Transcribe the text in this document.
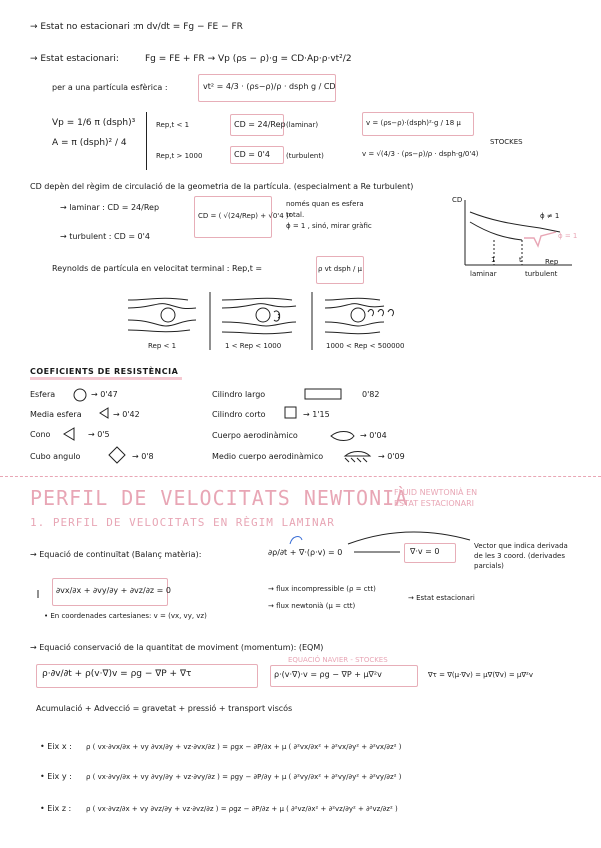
→ Estat no estacionari : m dv/dt = Fg − FE − FR
→ Estat estacionari:	Fg = FE + FR → Vp (ρs − ρ)·g = CD·Ap·ρ·vt²/2
per a una partícula esfèrica :	vt² = 4/3 · (ρs−ρ)/ρ · dsph g / CD
Vp = 1/6 π (dsph)³
A = π (dsph)² / 4
Rep,t < 1	CD = 24/Rep (laminar)	v = (ρs−ρ)·(dsph)²·g / 18 μ
STOCKES
Rep,t > 1000	CD = 0'4 (turbulent)	v = √(4/3 · (ρs−ρ)/ρ · dsph·g/0'4)
CD depèn del règim de circulació de la geometria de la partícula. (especialment a Re turbulent)
→ laminar : CD = 24/Rep
→ turbulent : CD = 0'4
CD = ( √(24/Rep) + √0'4 )²
només quan es esfera
total.
ϕ = 1 , sinó, mirar gràfic
CD
ϕ ≠ 1
ϕ = 1
Rep
1	t
laminar	turbulent
Reynolds de partícula en velocitat terminal : Rep,t =	ρ vt dsph / μ
Rep < 1	1 < Rep < 1000	1000 < Rep < 500000
COEFICIENTS DE RESISTÈNCIA
Esfera	→ 0'47
Media esfera	→ 0'42
Cono	→ 0'5
Cubo angulo	→ 0'8
Cilindro largo	0'82
Cilindro corto	→ 1'15
Cuerpo aerodinàmico	→ 0'04
Medio cuerpo aerodinàmico	→ 0'09
PERFIL DE VELOCITATS NEWTONIÀ
FLUID NEWTONIÀ EN
ESTAT ESTACIONARI
1. PERFIL DE VELOCITATS EN RÈGIM LAMINAR
→ Equació de continuïtat (Balanç matèria):	∂ρ/∂t + ∇·(ρ·v) = 0	∇·v = 0
Vector que indica derivada
de les 3 coord. (derivades
parcials)
∂vx/∂x + ∂vy/∂y + ∂vz/∂z = 0
• En coordenades cartesianes: v = (vx, vy, vz)
→ flux incompressible (ρ = ctt)
→ flux newtonià (μ = ctt)
→ Estat estacionari
→ Equació conservació de la quantitat de moviment (momentum): (EQM)
EQUACIÓ NAVIER - STOCKES
ρ·∂v/∂t + ρ(v·∇)v = ρg − ∇P + ∇τ	ρ·(v·∇)·v = ρg − ∇P + μ∇²v	∇τ = ∇(μ·∇v) = μ∇(∇v) = μ∇²v
Acumulació + Advecció = gravetat + pressió + transport viscós
• Eix x : ρ ( vx·∂vx/∂x + vy ∂vx/∂y + vz·∂vx/∂z ) = ρgx − ∂P/∂x + μ ( ∂²vx/∂x² + ∂²vx/∂y² + ∂²vx/∂z² )
• Eix y : ρ ( vx·∂vy/∂x + vy ∂vy/∂y + vz·∂vy/∂z ) = ρgy − ∂P/∂y + μ ( ∂²vy/∂x² + ∂²vy/∂y² + ∂²vy/∂z² )
• Eix z : ρ ( vx·∂vz/∂x + vy ∂vz/∂y + vz·∂vz/∂z ) = ρgz − ∂P/∂z + μ ( ∂²vz/∂x² + ∂²vz/∂y² + ∂²vz/∂z² )
